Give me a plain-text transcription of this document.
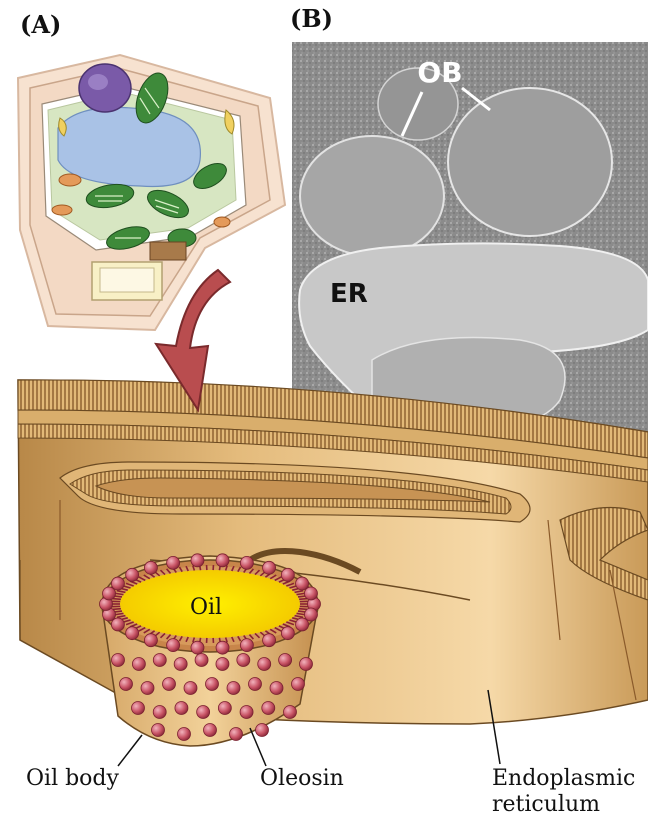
(A)	(B)
OB
ER
Oil
Oil body	Oleosin	Endoplasmic
reticulum
